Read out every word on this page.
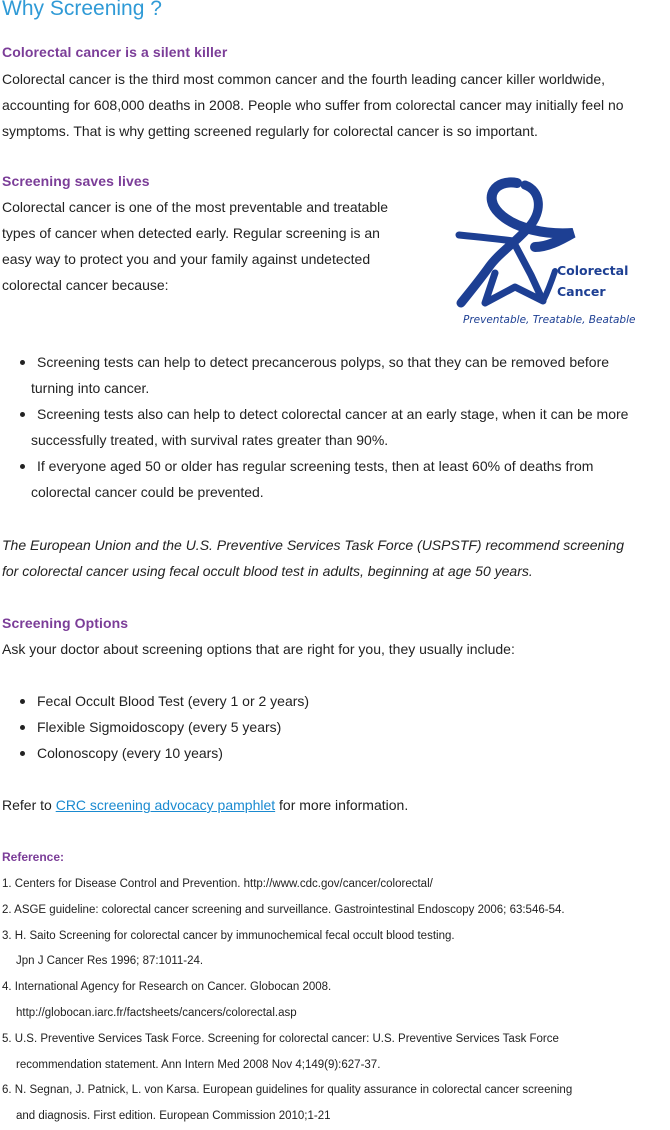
Why Screening ?
Colorectal cancer is a silent killer

Colorectal cancer is the third most common cancer and the fourth leading cancer killer worldwide,
accounting for 608,000 deaths in 2008. People who suffer from colorectal cancer may initially feel no
symptoms. That is why getting screened regularly for colorectal cancer is so important.

Screening saves lives

Colorectal cancer is one of the most preventable and treatable
types of cancer when detected early. Regular screening is an
easy way to protect you and your family against undetected
colorectal cancer because:

Colorectal
Cancer
Preventable, Treatable, Beatable
Screening tests can help to detect precancerous polyps, so that they can be removed before
turning into cancer.
Screening tests also can help to detect colorectal cancer at an early stage, when it can be more
successfully treated, with survival rates greater than 90%.
If everyone aged 50 or older has regular screening tests, then at least 60% of deaths from
colorectal cancer could be prevented.

The European Union and the U.S. Preventive Services Task Force (USPSTF) recommend screening
for colorectal cancer using fecal occult blood test in adults, beginning at age 50 years.

Screening Options

Ask your doctor about screening options that are right for you, they usually include:

Fecal Occult Blood Test (every 1 or 2 years)
Flexible Sigmoidoscopy (every 5 years)
Colonoscopy (every 10 years)

Refer to CRC screening advocacy pamphlet for more information.

Reference:
1. Centers for Disease Control and Prevention. http://www.cdc.gov/cancer/colorectal/
2. ASGE guideline: colorectal cancer screening and surveillance. Gastrointestinal Endoscopy 2006; 63:546-54.
3. H. Saito Screening for colorectal cancer by immunochemical fecal occult blood testing.
Jpn J Cancer Res 1996; 87:1011-24.
4. International Agency for Research on Cancer. Globocan 2008.
http://globocan.iarc.fr/factsheets/cancers/colorectal.asp
5. U.S. Preventive Services Task Force. Screening for colorectal cancer: U.S. Preventive Services Task Force
recommendation statement. Ann Intern Med 2008 Nov 4;149(9):627-37.
6. N. Segnan, J. Patnick, L. von Karsa. European guidelines for quality assurance in colorectal cancer screening
and diagnosis. First edition. European Commission 2010;1-21
